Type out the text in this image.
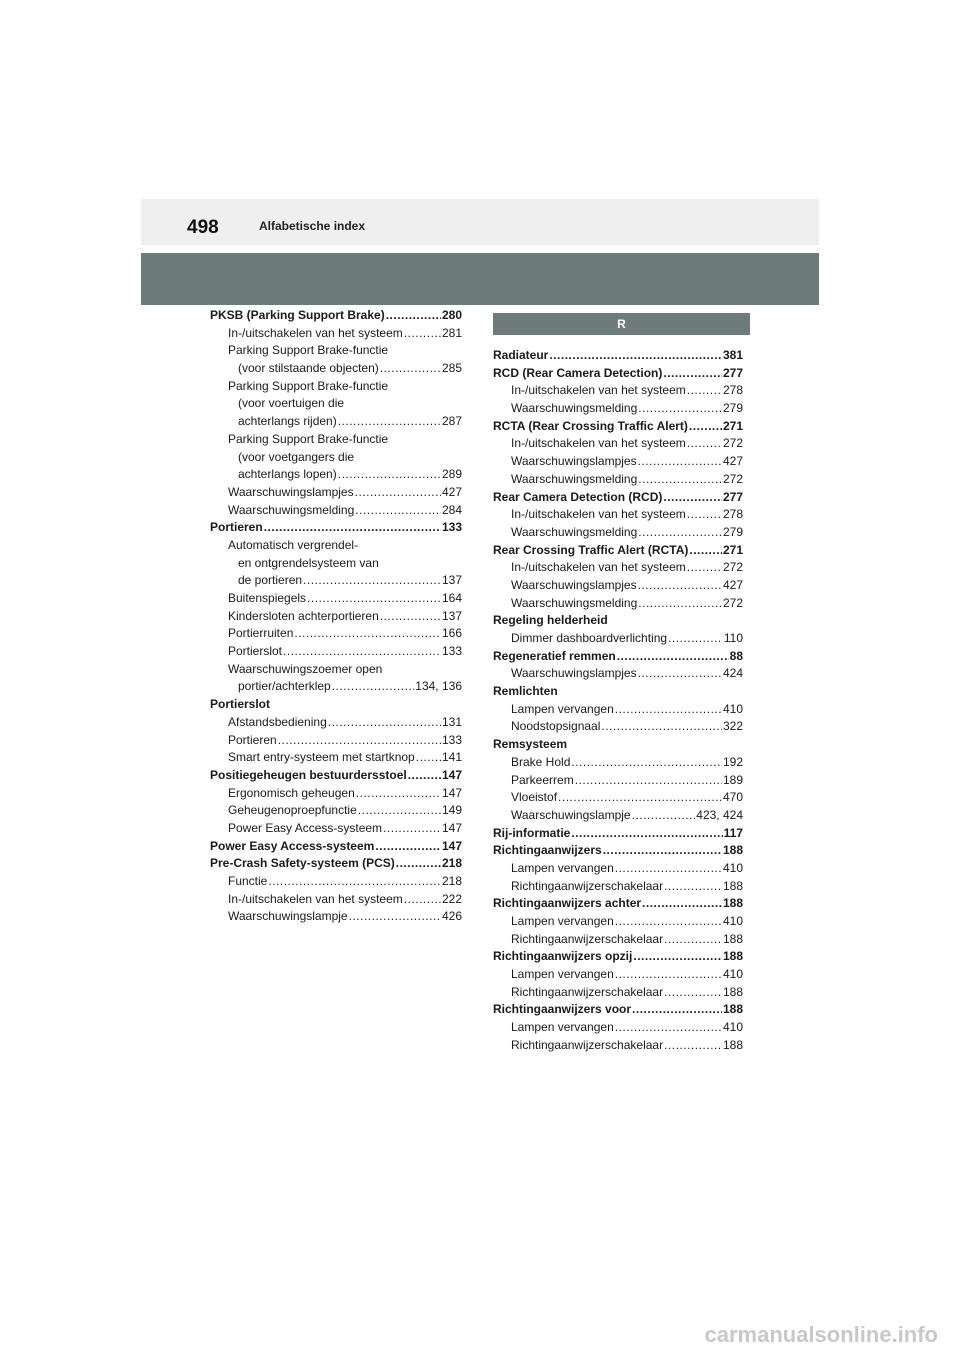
498	Alfabetische index
PKSB (Parking Support Brake) .....	280
In-/uitschakelen van het systeem .....	281
Parking Support Brake-functie
(voor stilstaande objecten) .....	285
Parking Support Brake-functie
(voor voertuigen die
achterlangs rijden) .....	287
Parking Support Brake-functie
(voor voetgangers die
achterlangs lopen) .....	289
Waarschuwingslampjes .....	427
Waarschuwingsmelding .....	284
Portieren .....	133
Automatisch vergrendel-
en ontgrendelsysteem van
de portieren .....	137
Buitenspiegels .....	164
Kindersloten achterportieren .....	137
Portierruiten .....	166
Portierslot .....	133
Waarschuwingszoemer open
portier/achterklep .....	134, 136
Portierslot
Afstandsbediening .....	131
Portieren .....	133
Smart entry-systeem met startknop ..... 141
Positiegeheugen bestuurdersstoel .....	147
Ergonomisch geheugen .....	147
Geheugenoproepfunctie .....	149
Power Easy Access-systeem .....	147
Power Easy Access-systeem .....	147
Pre-Crash Safety-systeem (PCS) .....	218
Functie .....	218
In-/uitschakelen van het systeem .....	222
Waarschuwingslampje .....	426
R
Radiateur .....	381
RCD (Rear Camera Detection) .....	277
In-/uitschakelen van het systeem .....	278
Waarschuwingsmelding .....	279
RCTA (Rear Crossing Traffic Alert) .....	271
In-/uitschakelen van het systeem .....	272
Waarschuwingslampjes .....	427
Waarschuwingsmelding .....	272
Rear Camera Detection (RCD) .....	277
In-/uitschakelen van het systeem .....	278
Waarschuwingsmelding .....	279
Rear Crossing Traffic Alert (RCTA) .....	271
In-/uitschakelen van het systeem .....	272
Waarschuwingslampjes .....	427
Waarschuwingsmelding .....	272
Regeling helderheid
Dimmer dashboardverlichting .....	110
Regeneratief remmen .....	88
Waarschuwingslampjes .....	424
Remlichten
Lampen vervangen .....	410
Noodstopsignaal .....	322
Remsysteem
Brake Hold .....	192
Parkeerrem .....	189
Vloeistof .....	470
Waarschuwingslampje .....	423, 424
Rij-informatie .....	117
Richtingaanwijzers .....	188
Lampen vervangen .....	410
Richtingaanwijzerschakelaar .....	188
Richtingaanwijzers achter .....	188
Lampen vervangen .....	410
Richtingaanwijzerschakelaar .....	188
Richtingaanwijzers opzij .....	188
Lampen vervangen .....	410
Richtingaanwijzerschakelaar .....	188
Richtingaanwijzers voor .....	188
Lampen vervangen .....	410
Richtingaanwijzerschakelaar .....	188
carmanualsonline.info
